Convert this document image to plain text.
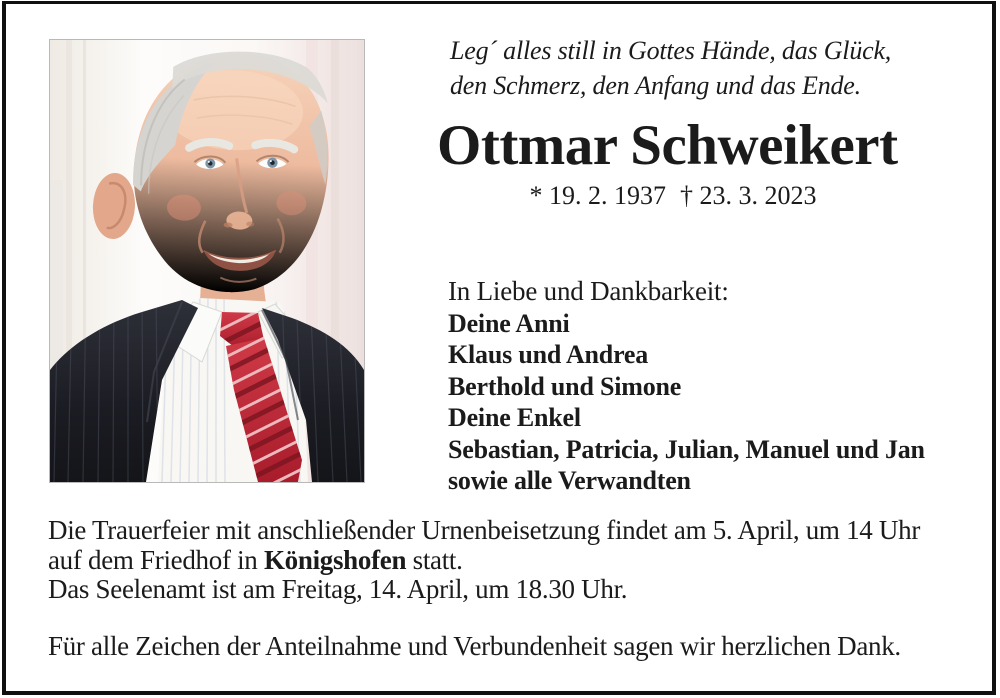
Leg´ alles still in Gottes Hände, das Glück,
den Schmerz, den Anfang und das Ende.
Ottmar Schweikert
* 19. 2. 1937 † 23. 3. 2023
In Liebe und Dankbarkeit:
Deine Anni
Klaus und Andrea
Berthold und Simone
Deine Enkel
Sebastian, Patricia, Julian, Manuel und Jan
sowie alle Verwandten
Die Trauerfeier mit anschließender Urnenbeisetzung findet am 5. April, um 14 Uhr
auf dem Friedhof in Königshofen statt.
Das Seelenamt ist am Freitag, 14. April, um 18.30 Uhr.
Für alle Zeichen der Anteilnahme und Verbundenheit sagen wir herzlichen Dank.
